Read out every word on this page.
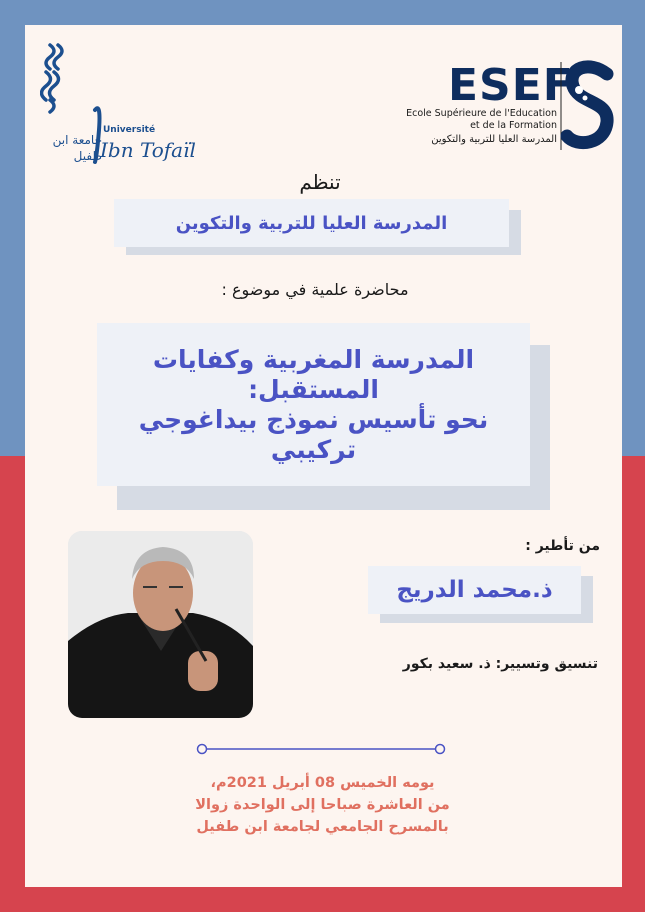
Université
Ibn Tofaïl
جامعة ابن طفيل
ESEF
Ecole Supérieure de l'Education
et de la Formation
المدرسة العليا للتربية والتكوين
تنظم
المدرسة العليا للتربية والتكوين
محاضرة علمية في موضوع :
المدرسة المغربية وكفايات
المستقبل:
نحو تأسيس نموذج بيداغوجي
تركيبي
من تأطير :
ذ.محمد الدريج
تنسيق وتسيير: ذ. سعيد بكور
يومه الخميس 08 أبريل 2021م،
من العاشرة صباحا إلى الواحدة زوالا
بالمسرح الجامعي لجامعة ابن طفيل
